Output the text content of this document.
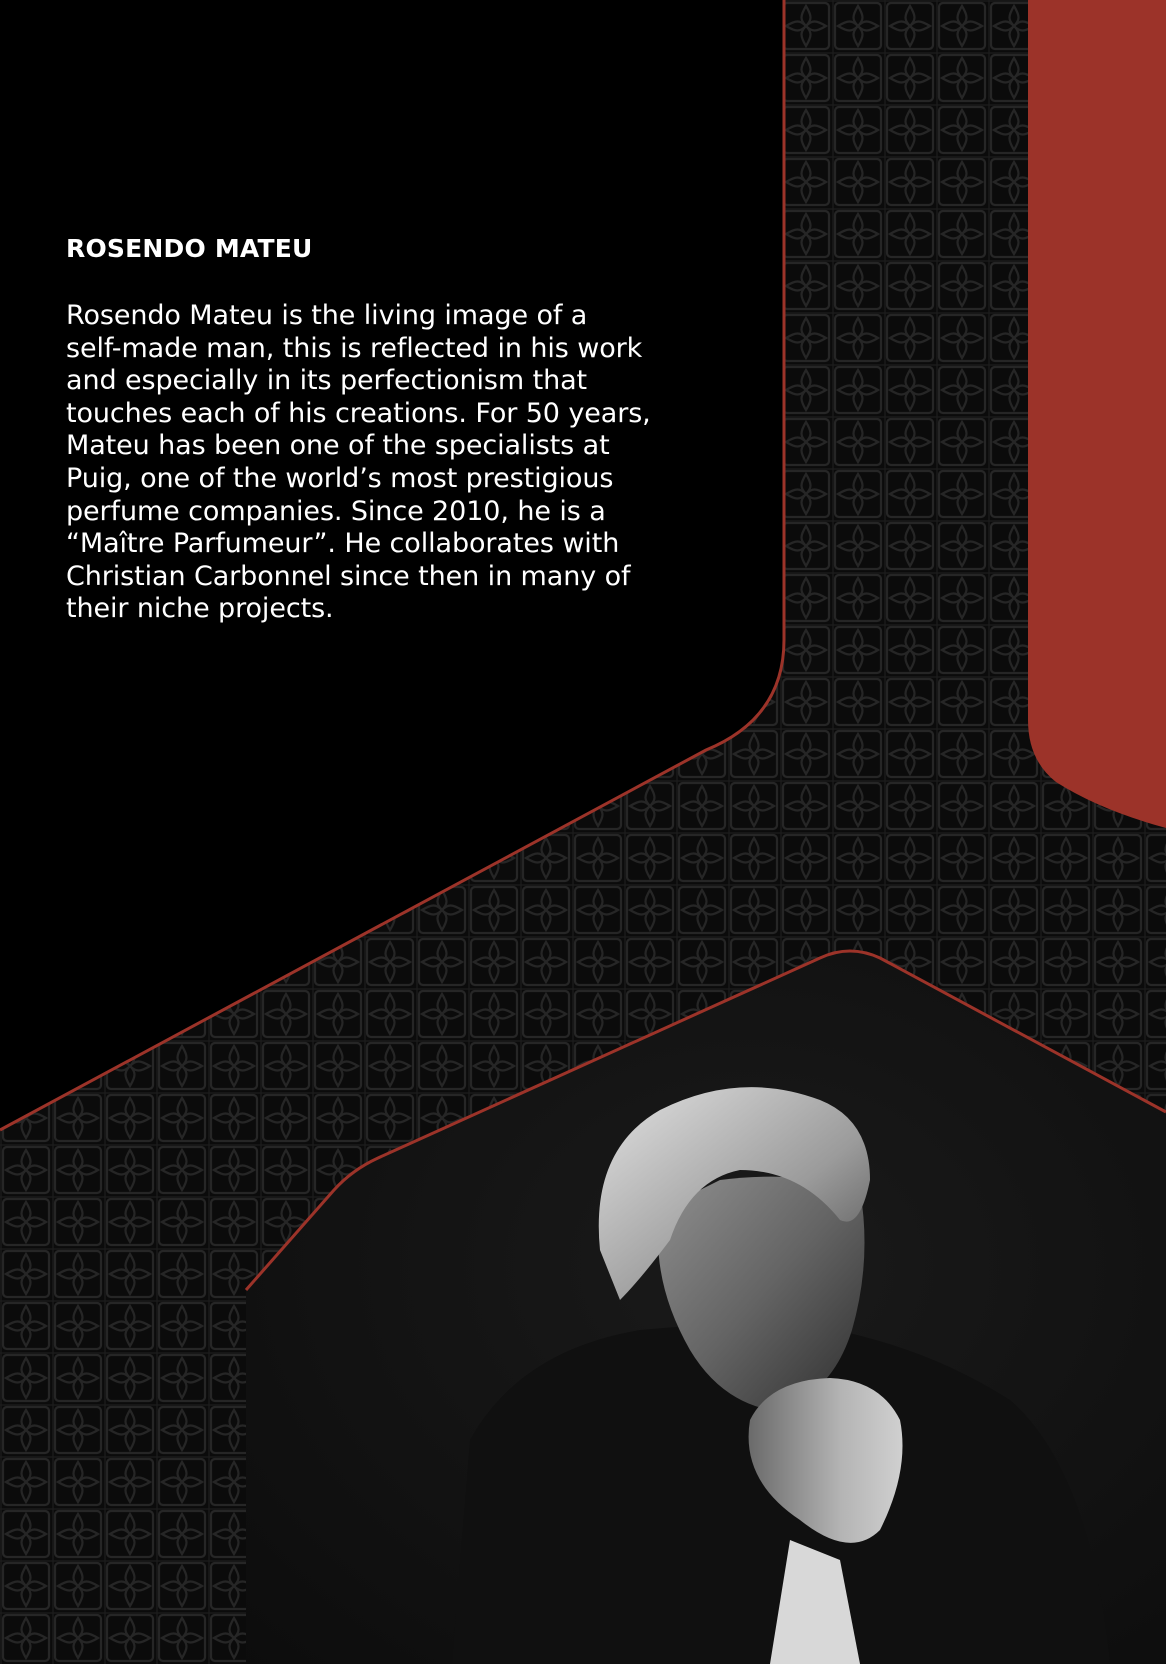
ROSENDO MATEU

Rosendo Mateu is the living image of a
self-made man, this is reflected in his work
and especially in its perfectionism that
touches each of his creations. For 50 years,
Mateu has been one of the specialists at
Puig, one of the world’s most prestigious
perfume companies. Since 2010, he is a
“Maître Parfumeur”. He collaborates with
Christian Carbonnel since then in many of
their niche projects.
